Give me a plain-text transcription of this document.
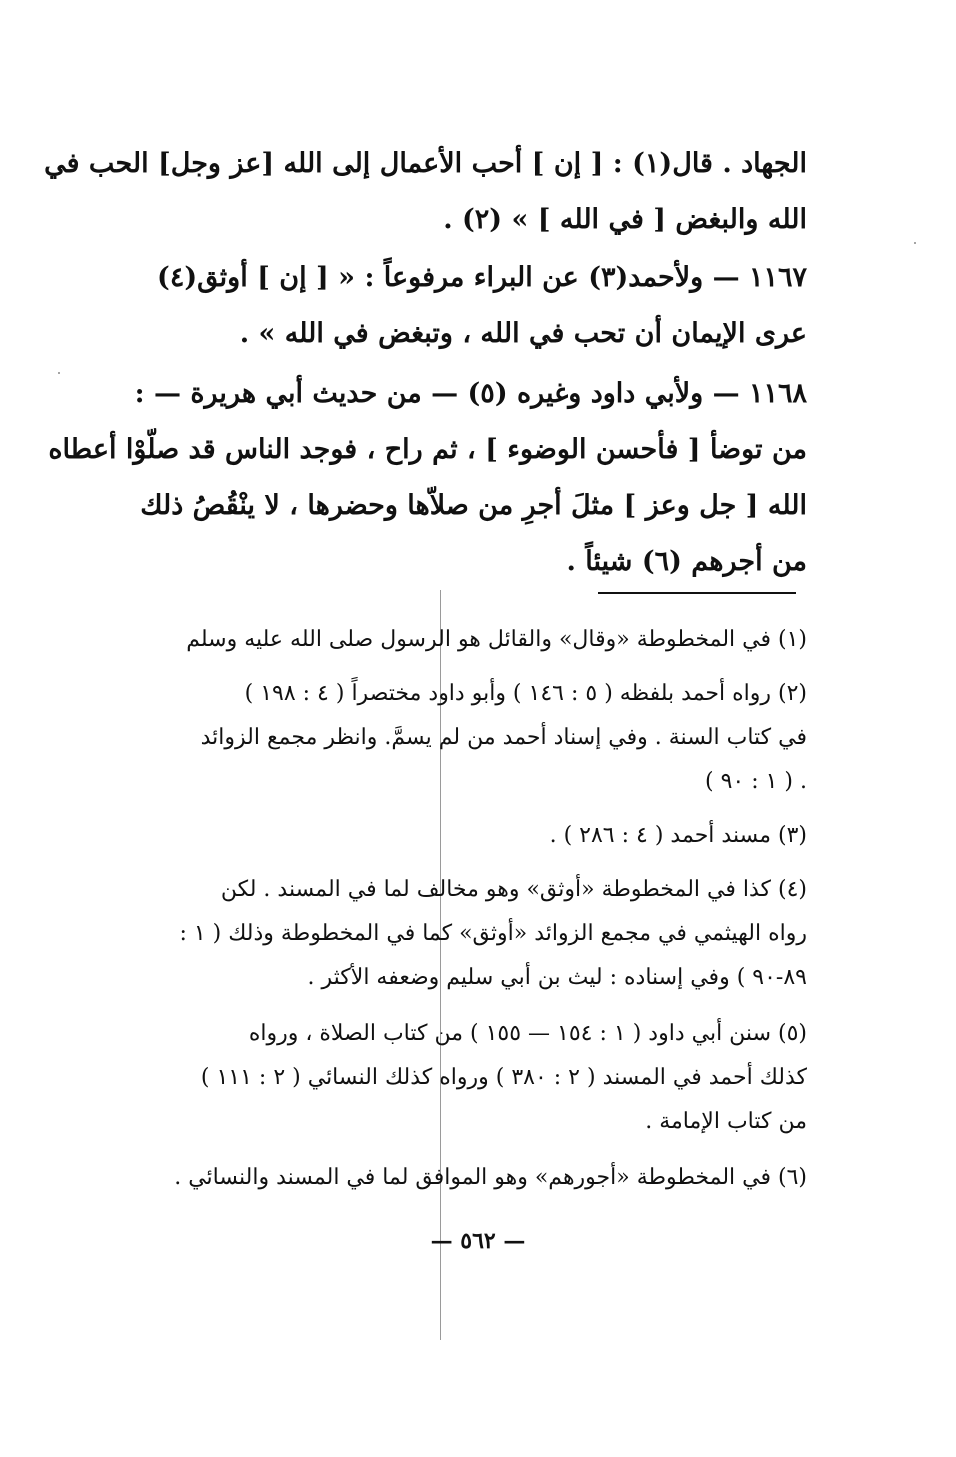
الجهاد . قال(١) : [ إن ] أحب الأعمال إلى الله [عز وجل] الحب في
الله والبغض [ في الله ] » (٢) .
١١٦٧ — ولأحمد(٣) عن البراء مرفوعاً : « [ إن ] أوثق(٤)
عرى الإيمان أن تحب في الله ، وتبغض في الله » .
١١٦٨ — ولأبي داود وغيره (٥) — من حديث أبي هريرة — :
من توضأ [ فأحسن الوضوء ] ، ثم راح ، فوجد الناس قد صلّوْا أعطاه
الله [ جل وعز ] مثلَ أجرِ من صلاّها وحضرها ، لا ينْقُصُ ذلك
من أجرهم (٦) شيئاً .
(١) في المخطوطة «وقال» والقائل هو الرسول صلى الله عليه وسلم
(٢) رواه أحمد بلفظه ( ٥ : ١٤٦ ) وأبو داود مختصراً ( ٤ : ١٩٨ )
في كتاب السنة . وفي إسناد أحمد من لم يسمَّ. وانظر مجمع الزوائد
. ( ١ : ٩٠ )
(٣) مسند أحمد ( ٤ : ٢٨٦ ) .
(٤) كذا في المخطوطة «أوثق» وهو مخالف لما في المسند . لكن
رواه الهيثمي في مجمع الزوائد «أوثق» كما في المخطوطة وذلك ( ١ :
٨٩-٩٠ ) وفي إسناده : ليث بن أبي سليم وضعفه الأكثر .
(٥) سنن أبي داود ( ١ : ١٥٤ — ١٥٥ ) من كتاب الصلاة ، ورواه
كذلك أحمد في المسند ( ٢ : ٣٨٠ ) ورواه كذلك النسائي ( ٢ : ١١١ )
من كتاب الإمامة .
(٦) في المخطوطة «أجورهم» وهو الموافق لما في المسند والنسائي .
— ٥٦٢ —
